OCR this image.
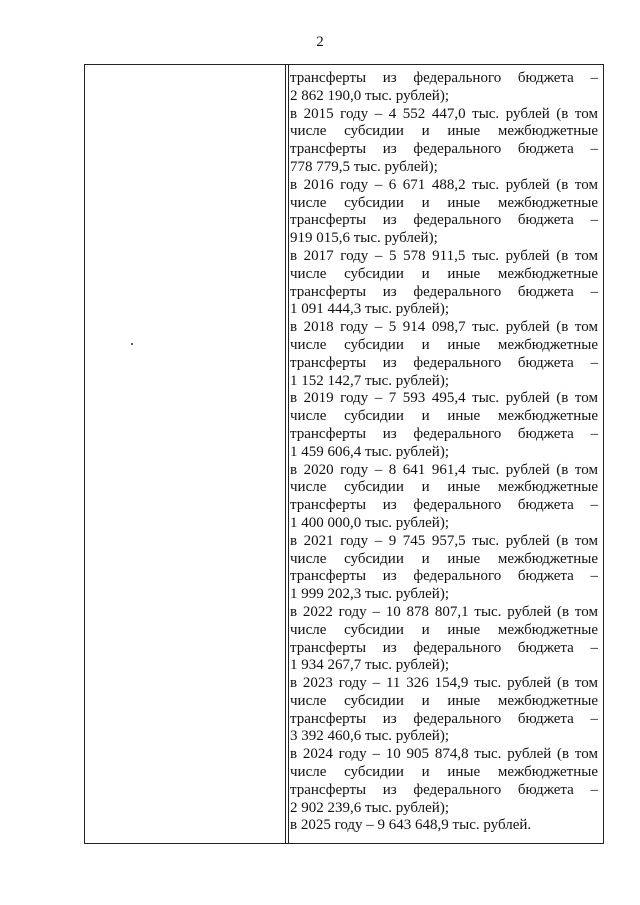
2
трансферты из федерального бюджета –
2 862 190,0 тыс. рублей);
в 2015 году – 4 552 447,0 тыс. рублей (в том
числе субсидии и иные межбюджетные
трансферты из федерального бюджета –
778 779,5 тыс. рублей);
в 2016 году – 6 671 488,2 тыс. рублей (в том
числе субсидии и иные межбюджетные
трансферты из федерального бюджета –
919 015,6 тыс. рублей);
в 2017 году – 5 578 911,5 тыс. рублей (в том
числе субсидии и иные межбюджетные
трансферты из федерального бюджета –
1 091 444,3 тыс. рублей);
в 2018 году – 5 914 098,7 тыс. рублей (в том
числе субсидии и иные межбюджетные
трансферты из федерального бюджета –
1 152 142,7 тыс. рублей);
в 2019 году – 7 593 495,4 тыс. рублей (в том
числе субсидии и иные межбюджетные
трансферты из федерального бюджета –
1 459 606,4 тыс. рублей);
в 2020 году – 8 641 961,4 тыс. рублей (в том
числе субсидии и иные межбюджетные
трансферты из федерального бюджета –
1 400 000,0 тыс. рублей);
в 2021 году – 9 745 957,5 тыс. рублей (в том
числе субсидии и иные межбюджетные
трансферты из федерального бюджета –
1 999 202,3 тыс. рублей);
в 2022 году – 10 878 807,1 тыс. рублей (в том
числе субсидии и иные межбюджетные
трансферты из федерального бюджета –
1 934 267,7 тыс. рублей);
в 2023 году – 11 326 154,9 тыс. рублей (в том
числе субсидии и иные межбюджетные
трансферты из федерального бюджета –
3 392 460,6 тыс. рублей);
в 2024 году – 10 905 874,8 тыс. рублей (в том
числе субсидии и иные межбюджетные
трансферты из федерального бюджета –
2 902 239,6 тыс. рублей);
в 2025 году – 9 643 648,9 тыс. рублей.
